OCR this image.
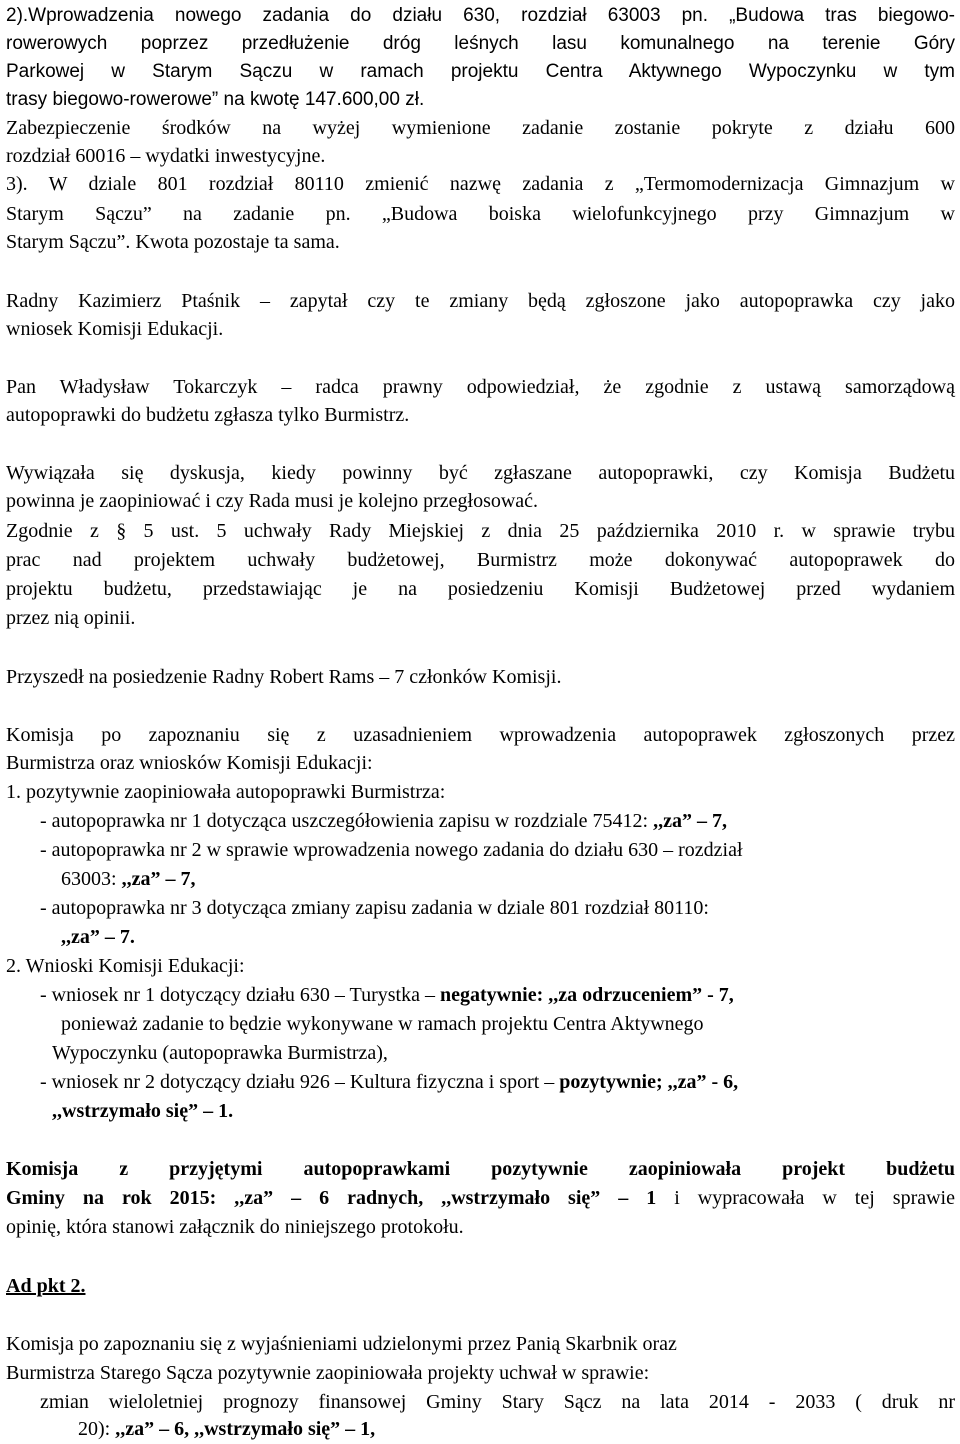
2).Wprowadzenia nowego zadania do działu 630, rozdział 63003 pn. „Budowa tras biegowo-
rowerowych poprzez przedłużenie dróg leśnych lasu komunalnego na terenie Góry
Parkowej w Starym Sączu w ramach projektu Centra Aktywnego Wypoczynku w tym
trasy biegowo-rowerowe” na kwotę 147.600,00 zł.
Zabezpieczenie środków na wyżej wymienione zadanie zostanie pokryte z działu 600
rozdział 60016 – wydatki inwestycyjne.
3). W dziale 801 rozdział 80110 zmienić nazwę zadania z „Termomodernizacja Gimnazjum w
Starym Sączu” na zadanie pn. „Budowa boiska wielofunkcyjnego przy Gimnazjum w
Starym Sączu”. Kwota pozostaje ta sama.
Radny Kazimierz Ptaśnik – zapytał czy te zmiany będą zgłoszone jako autopoprawka czy jako
wniosek Komisji Edukacji.
Pan Władysław Tokarczyk – radca prawny odpowiedział, że zgodnie z ustawą samorządową
autopoprawki do budżetu zgłasza tylko Burmistrz.
Wywiązała się dyskusja, kiedy powinny być zgłaszane autopoprawki, czy Komisja Budżetu
powinna je zaopiniować i czy Rada musi je kolejno przegłosować.
Zgodnie z § 5 ust. 5 uchwały Rady Miejskiej z dnia 25 października 2010 r. w sprawie trybu
prac nad projektem uchwały budżetowej, Burmistrz może dokonywać autopoprawek do
projektu budżetu, przedstawiając je na posiedzeniu Komisji Budżetowej przed wydaniem
przez nią opinii.
Przyszedł na posiedzenie Radny Robert Rams – 7 członków Komisji.
Komisja po zapoznaniu się z uzasadnieniem wprowadzenia autopoprawek zgłoszonych przez
Burmistrza oraz wniosków Komisji Edukacji:
1. pozytywnie zaopiniowała autopoprawki Burmistrza:
- autopoprawka nr 1 dotycząca uszczegółowienia zapisu w rozdziale 75412: ,,za” – 7,
- autopoprawka nr 2 w sprawie wprowadzenia nowego zadania do działu 630 – rozdział
63003: ,,za” – 7,
- autopoprawka nr 3 dotycząca zmiany zapisu zadania w dziale 801 rozdział 80110:
,,za” – 7.
2. Wnioski Komisji Edukacji:
- wniosek nr 1 dotyczący działu 630 – Turystka – negatywnie: ,,za odrzuceniem” - 7,
ponieważ zadanie to będzie wykonywane w ramach projektu Centra Aktywnego
Wypoczynku (autopoprawka Burmistrza),
- wniosek nr 2 dotyczący działu 926 – Kultura fizyczna i sport – pozytywnie; ,,za” - 6,
,,wstrzymało się” – 1.
Komisja z przyjętymi autopoprawkami pozytywnie zaopiniowała projekt budżetu
Gminy na rok 2015: ,,za” – 6 radnych, ,,wstrzymało się” – 1 i wypracowała w tej sprawie
opinię, która stanowi załącznik do niniejszego protokołu.
Ad pkt 2.
Komisja po zapoznaniu się z wyjaśnieniami udzielonymi przez Panią Skarbnik oraz
Burmistrza Starego Sącza pozytywnie zaopiniowała projekty uchwał w sprawie:
zmian wieloletniej prognozy finansowej Gminy Stary Sącz na lata 2014 - 2033 ( druk nr
20): ,,za” – 6, ,,wstrzymało się” – 1,
